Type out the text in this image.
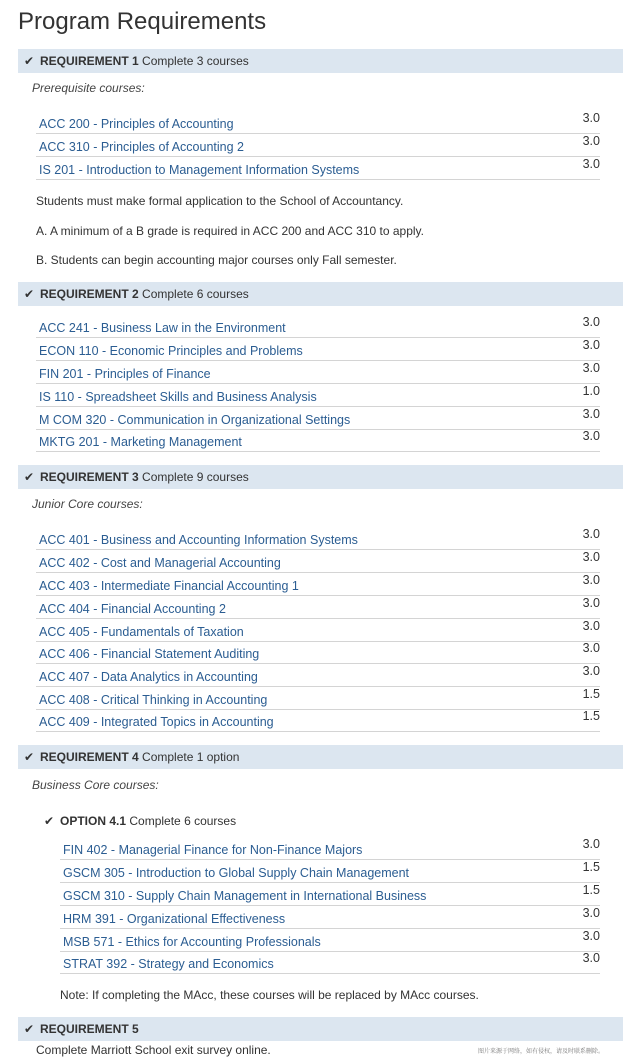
Program Requirements
✔ REQUIREMENT 1 Complete 3 courses
Prerequisite courses:
ACC 200 - Principles of Accounting	3.0
ACC 310 - Principles of Accounting 2	3.0
IS 201 - Introduction to Management Information Systems	3.0
Students must make formal application to the School of Accountancy.
A. A minimum of a B grade is required in ACC 200 and ACC 310 to apply.
B. Students can begin accounting major courses only Fall semester.
✔ REQUIREMENT 2 Complete 6 courses
ACC 241 - Business Law in the Environment	3.0
ECON 110 - Economic Principles and Problems	3.0
FIN 201 - Principles of Finance	3.0
IS 110 - Spreadsheet Skills and Business Analysis	1.0
M COM 320 - Communication in Organizational Settings	3.0
MKTG 201 - Marketing Management	3.0
✔ REQUIREMENT 3 Complete 9 courses
Junior Core courses:
ACC 401 - Business and Accounting Information Systems	3.0
ACC 402 - Cost and Managerial Accounting	3.0
ACC 403 - Intermediate Financial Accounting 1	3.0
ACC 404 - Financial Accounting 2	3.0
ACC 405 - Fundamentals of Taxation	3.0
ACC 406 - Financial Statement Auditing	3.0
ACC 407 - Data Analytics in Accounting	3.0
ACC 408 - Critical Thinking in Accounting	1.5
ACC 409 - Integrated Topics in Accounting	1.5
✔ REQUIREMENT 4 Complete 1 option
Business Core courses:
✔ OPTION 4.1 Complete 6 courses
FIN 402 - Managerial Finance for Non-Finance Majors	3.0
GSCM 305 - Introduction to Global Supply Chain Management	1.5
GSCM 310 - Supply Chain Management in International Business	1.5
HRM 391 - Organizational Effectiveness	3.0
MSB 571 - Ethics for Accounting Professionals	3.0
STRAT 392 - Strategy and Economics	3.0
Note: If completing the MAcc, these courses will be replaced by MAcc courses.
✔ REQUIREMENT 5
Complete Marriott School exit survey online.	图片来源于网络，如有侵权，请及时联系删除。
